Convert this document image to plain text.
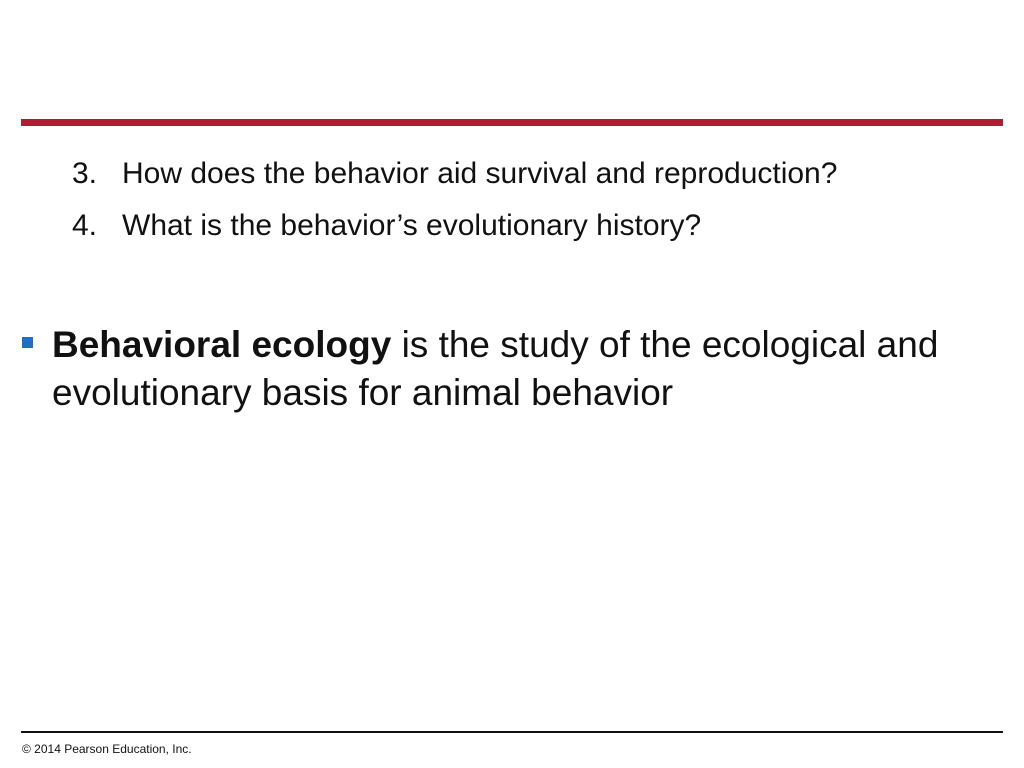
3. How does the behavior aid survival and reproduction?
4. What is the behavior’s evolutionary history?
Behavioral ecology is the study of the ecological and evolutionary basis for animal behavior
© 2014 Pearson Education, Inc.
